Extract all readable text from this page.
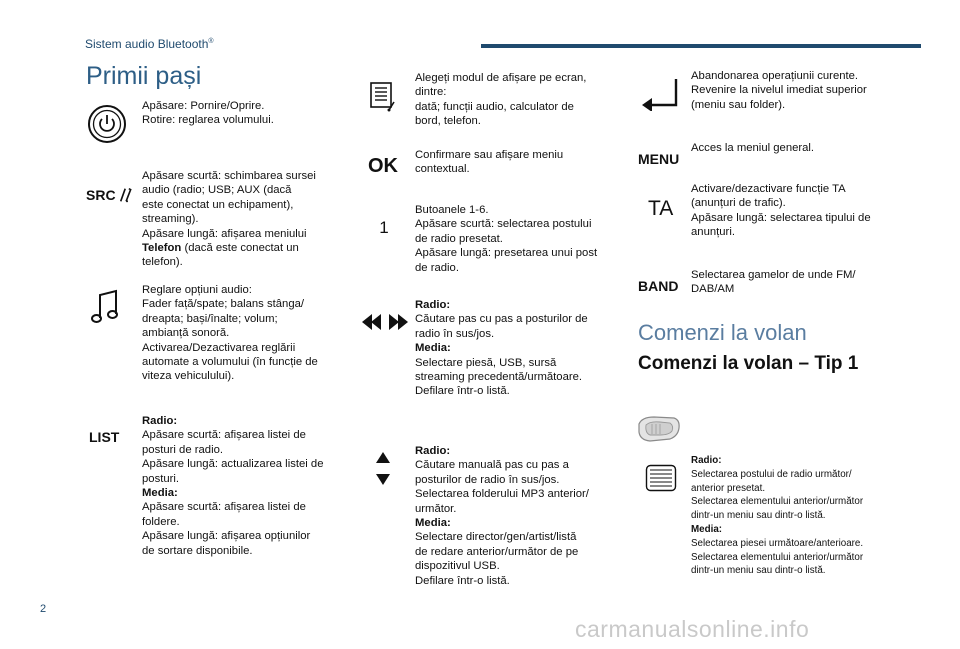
Sistem audio Bluetooth®
Primii pași
Apăsare: Pornire/Oprire.
Rotire: reglarea volumului.
SRC
Apăsare scurtă: schimbarea sursei
audio (radio; USB; AUX (dacă
este conectat un echipament),
streaming).
Apăsare lungă: afișarea meniului
Telefon (dacă este conectat un
telefon).
Reglare opțiuni audio:
Fader față/spate; balans stânga/
dreapta; bași/înalte; volum;
ambianță sonoră.
Activarea/Dezactivarea reglării
automate a volumului (în funcție de
viteza vehiculului).
LIST
Radio:
Apăsare scurtă: afișarea listei de
posturi de radio.
Apăsare lungă: actualizarea listei de
posturi.
Media:
Apăsare scurtă: afișarea listei de
foldere.
Apăsare lungă: afișarea opțiunilor
de sortare disponibile.
Alegeți modul de afișare pe ecran,
dintre:
dată; funcții audio, calculator de
bord, telefon.
OK Confirmare sau afișare meniu
contextual.
1
Butoanele 1-6.
Apăsare scurtă: selectarea postului
de radio presetat.
Apăsare lungă: presetarea unui post
de radio.
Radio:
Căutare pas cu pas a posturilor de
radio în sus/jos.
Media:
Selectare piesă, USB, sursă
streaming precedentă/următoare.
Defilare într-o listă.
Radio:
Căutare manuală pas cu pas a
posturilor de radio în sus/jos.
Selectarea folderului MP3 anterior/
următor.
Media:
Selectare director/gen/artist/listă
de redare anterior/următor de pe
dispozitivul USB.
Defilare într-o listă.
Abandonarea operațiunii curente.
Revenire la nivelul imediat superior
(meniu sau folder).
MENU
Acces la meniul general.
TA
Activare/dezactivare funcție TA
(anunțuri de trafic).
Apăsare lungă: selectarea tipului de
anunțuri.
BAND
Selectarea gamelor de unde FM/
DAB/AM
Comenzi la volan
Comenzi la volan – Tip 1
Radio:
Selectarea postului de radio următor/
anterior presetat.
Selectarea elementului anterior/următor
dintr-un meniu sau dintr-o listă.
Media:
Selectarea piesei următoare/anterioare.
Selectarea elementului anterior/următor
dintr-un meniu sau dintr-o listă.
2
carmanualsonline.info
